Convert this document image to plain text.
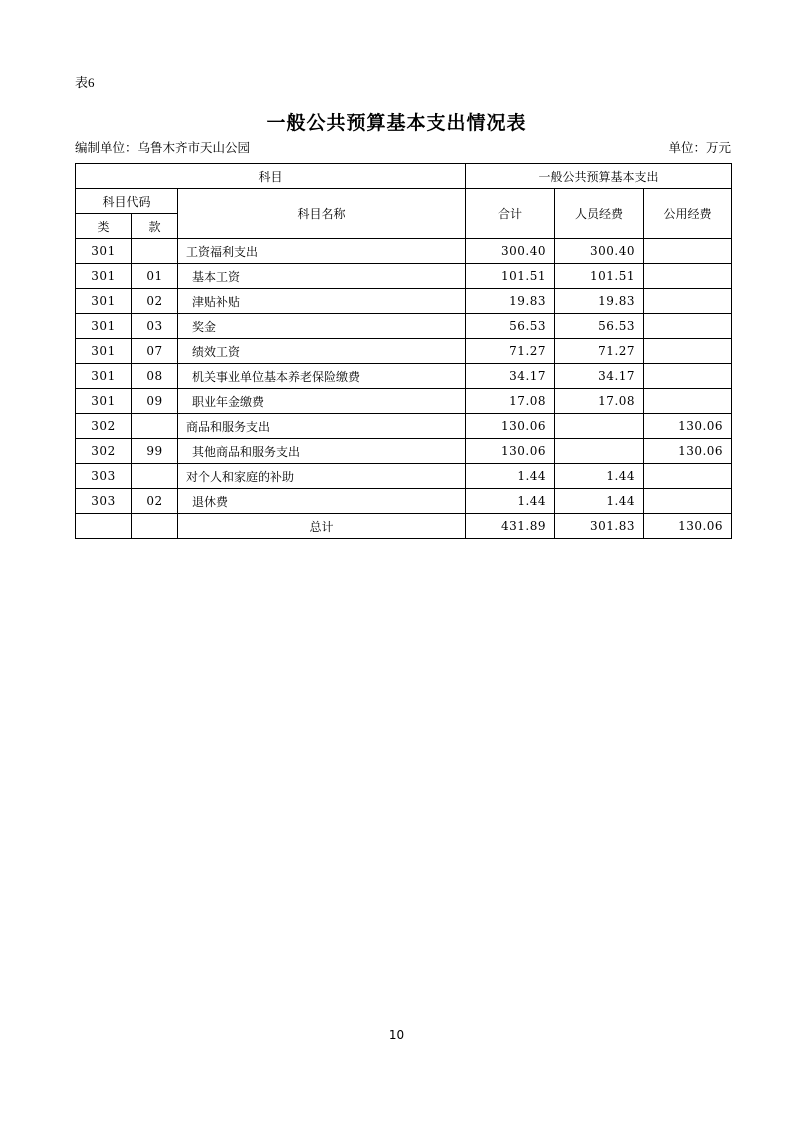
表6
一般公共预算基本支出情况表
编制单位：乌鲁木齐市天山公园	单位：万元
科目			一般公共预算基本支出		
科目代码		科目名称	合计	人员经费	公用经费
类	款				
301		工资福利支出	300.40	300.40	
301	01	基本工资	101.51	101.51	
301	02	津贴补贴	19.83	19.83	
301	03	奖金	56.53	56.53	
301	07	绩效工资	71.27	71.27	
301	08	机关事业单位基本养老保险缴费	34.17	34.17	
301	09	职业年金缴费	17.08	17.08	
302		商品和服务支出	130.06		130.06
302	99	其他商品和服务支出	130.06		130.06
303		对个人和家庭的补助	1.44	1.44	
303	02	退休费	1.44	1.44	
		总计	431.89	301.83	130.06
10
